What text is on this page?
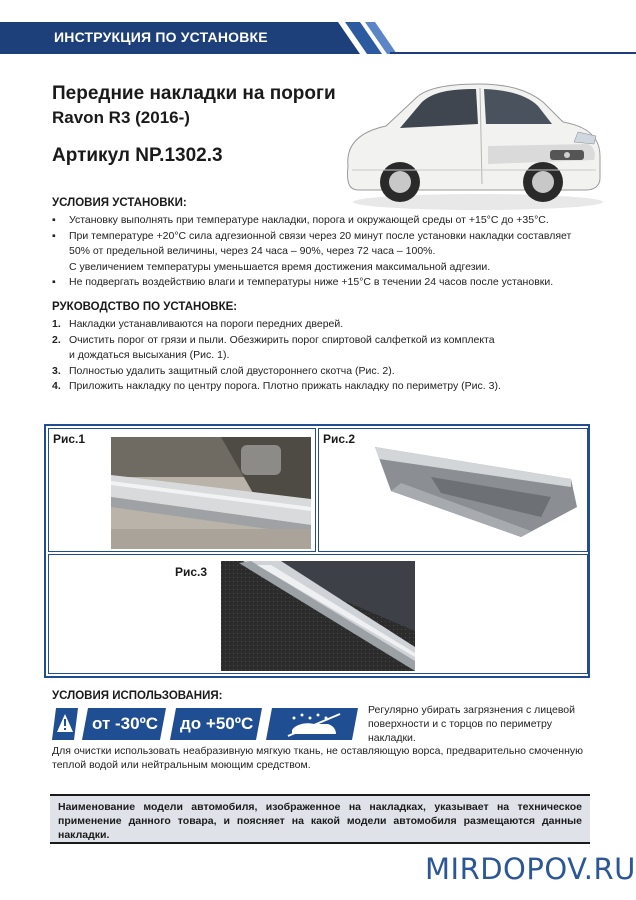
ИНСТРУКЦИЯ ПО УСТАНОВКЕ
Передние накладки на пороги
Ravon R3 (2016-)
Артикул NP.1302.3
УСЛОВИЯ УСТАНОВКИ:
▪ Установку выполнять при температуре накладки, порога и окружающей среды от +15°С до +35°С.
▪ При температуре +20°С сила адгезионной связи через 20 минут после установки накладки составляет
50% от предельной величины, через 24 часа – 90%, через 72 часа – 100%.
С увеличением температуры уменьшается время достижения максимальной адгезии.
▪ Не подвергать воздействию влаги и температуры ниже +15°С в течении 24 часов после установки.
РУКОВОДСТВО ПО УСТАНОВКЕ:
1. Накладки устанавливаются на пороги передних дверей.
2. Очистить порог от грязи и пыли. Обезжирить порог спиртовой салфеткой из комплекта
и дождаться высыхания (Рис. 1).
3. Полностью удалить защитный слой двустороннего скотча (Рис. 2).
4. Приложить накладку по центру порога. Плотно прижать накладку по периметру (Рис. 3).
Рис.1	Рис.2
Рис.3
УСЛОВИЯ ИСПОЛЬЗОВАНИЯ:
от -30ºС до +50ºС
Регулярно убирать загрязнения с лицевой поверхности и с торцов по периметру накладки.
Для очистки использовать неабразивную мягкую ткань, не оставляющую ворса, предварительно смоченную теплой водой или нейтральным моющим средством.
Наименование модели автомобиля, изображенное на накладках, указывает на техническое применение данного товара, и поясняет на какой модели автомобиля размещаются данные накладки.
MIRDOPOV.RU
